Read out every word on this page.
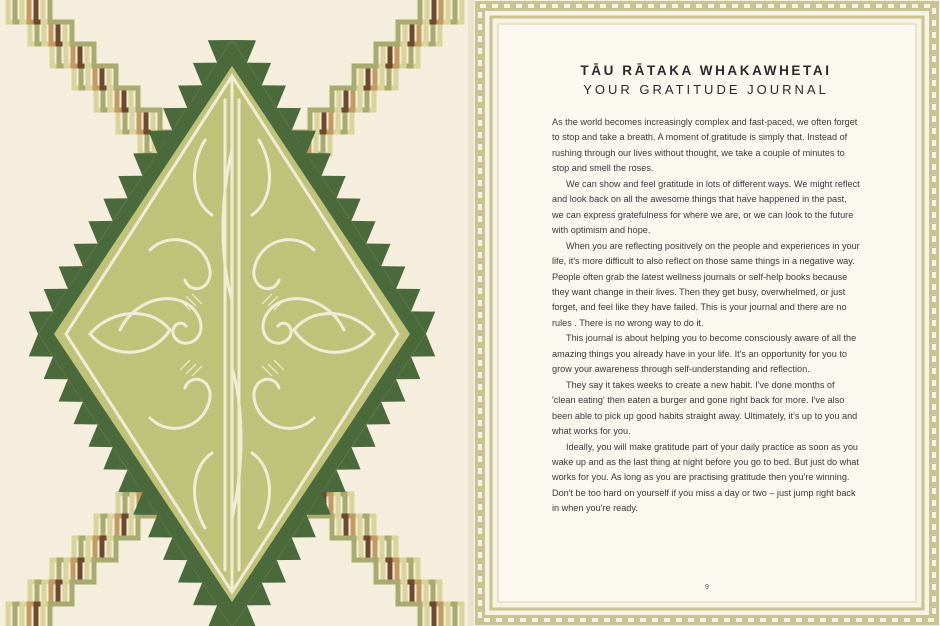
TĀU RĀTAKA WHAKAWHETAI
YOUR GRATITUDE JOURNAL

As the world becomes increasingly complex and fast-paced, we often forget to stop and take a breath. A moment of gratitude is simply that. Instead of rushing through our lives without thought, we take a couple of minutes to stop and smell the roses.

We can show and feel gratitude in lots of different ways. We might reflect and look back on all the awesome things that have happened in the past, we can express gratefulness for where we are, or we can look to the future with optimism and hope.

When you are reflecting positively on the people and experiences in your life, it's more difficult to also reflect on those same things in a negative way. People often grab the latest wellness journals or self-help books because they want change in their lives. Then they get busy, overwhelmed, or just forget, and feel like they have failed. This is your journal and there are no rules . There is no wrong way to do it.

This journal is about helping you to become consciously aware of all the amazing things you already have in your life. It's an opportunity for you to grow your awareness through self-understanding and reflection.

They say it takes weeks to create a new habit. I've done months of 'clean eating' then eaten a burger and gone right back for more. I've also been able to pick up good habits straight away. Ultimately, it's up to you and what works for you.

Ideally, you will make gratitude part of your daily practice as soon as you wake up and as the last thing at night before you go to bed. But just do what works for you. As long as you are practising gratitude then you're winning. Don't be too hard on yourself if you miss a day or two – just jump right back in when you're ready.

9
